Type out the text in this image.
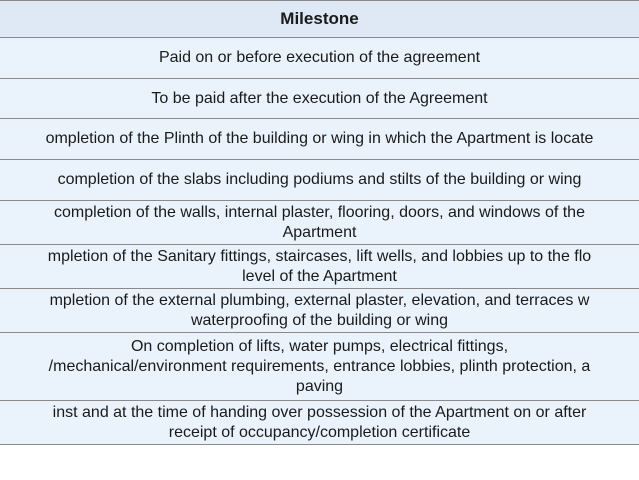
Milestone

Paid on or before execution of the agreement

To be paid after the execution of the Agreement

ompletion of the Plinth of the building or wing in which the Apartment is locate

completion of the slabs including podiums and stilts of the building or wing

completion of the walls, internal plaster, flooring, doors, and windows of the
Apartment

mpletion of the Sanitary fittings, staircases, lift wells, and lobbies up to the flo
level of the Apartment

mpletion of the external plumbing, external plaster, elevation, and terraces w
waterproofing of the building or wing

On completion of lifts, water pumps, electrical fittings,
/mechanical/environment requirements, entrance lobbies, plinth protection, a
paving

inst and at the time of handing over possession of the Apartment on or after
receipt of occupancy/completion certificate
